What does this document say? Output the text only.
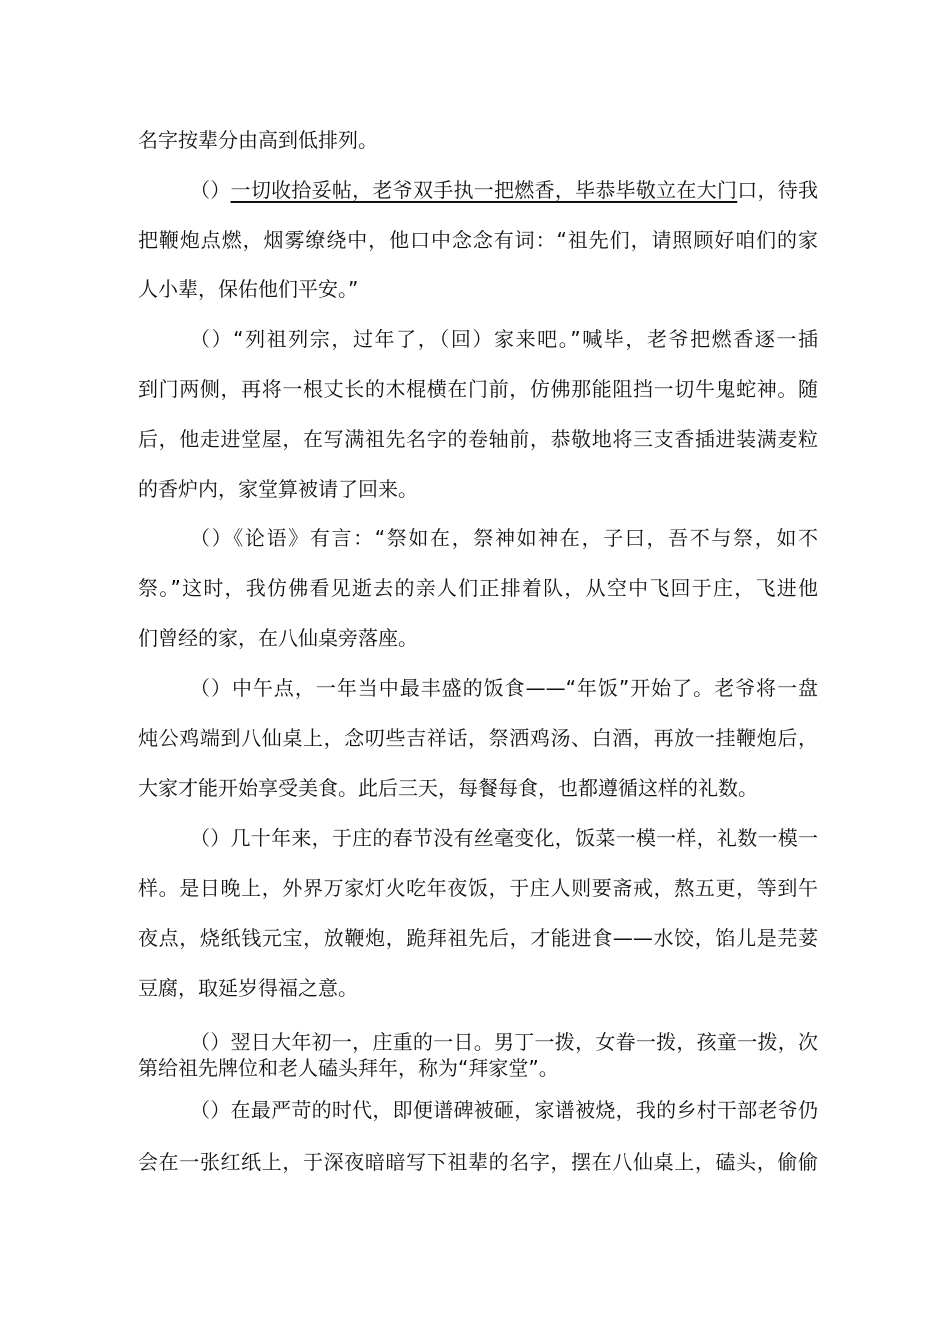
名字按辈分由高到低排列。
（）一切收拾妥帖，老爷双手执一把燃香，毕恭毕敬立在大门口，待我
把鞭炮点燃，烟雾缭绕中，他口中念念有词：“祖先们，请照顾好咱们的家
人小辈，保佑他们平安。”
（）“列祖列宗，过年了，（回）家来吧。”喊毕，老爷把燃香逐一插
到门两侧，再将一根丈长的木棍横在门前，仿佛那能阻挡一切牛鬼蛇神。随
后，他走进堂屋，在写满祖先名字的卷轴前，恭敬地将三支香插进装满麦粒
的香炉内，家堂算被请了回来。
（）《论语》有言：“祭如在，祭神如神在，子曰，吾不与祭，如不
祭。”这时，我仿佛看见逝去的亲人们正排着队，从空中飞回于庄，飞进他
们曾经的家，在八仙桌旁落座。
（）中午点，一年当中最丰盛的饭食——“年饭”开始了。老爷将一盘
炖公鸡端到八仙桌上，念叨些吉祥话，祭洒鸡汤、白酒，再放一挂鞭炮后，
大家才能开始享受美食。此后三天，每餐每食，也都遵循这样的礼数。
（）几十年来，于庄的春节没有丝毫变化，饭菜一模一样，礼数一模一
样。是日晚上，外界万家灯火吃年夜饭，于庄人则要斋戒，熬五更，等到午
夜点，烧纸钱元宝，放鞭炮，跪拜祖先后，才能进食——水饺，馅儿是芫荽
豆腐，取延岁得福之意。
（）翌日大年初一，庄重的一日。男丁一拨，女眷一拨，孩童一拨，次
第给祖先牌位和老人磕头拜年，称为“拜家堂”。
（）在最严苛的时代，即便谱碑被砸，家谱被烧，我的乡村干部老爷仍
会在一张红纸上，于深夜暗暗写下祖辈的名字，摆在八仙桌上，磕头，偷偷
